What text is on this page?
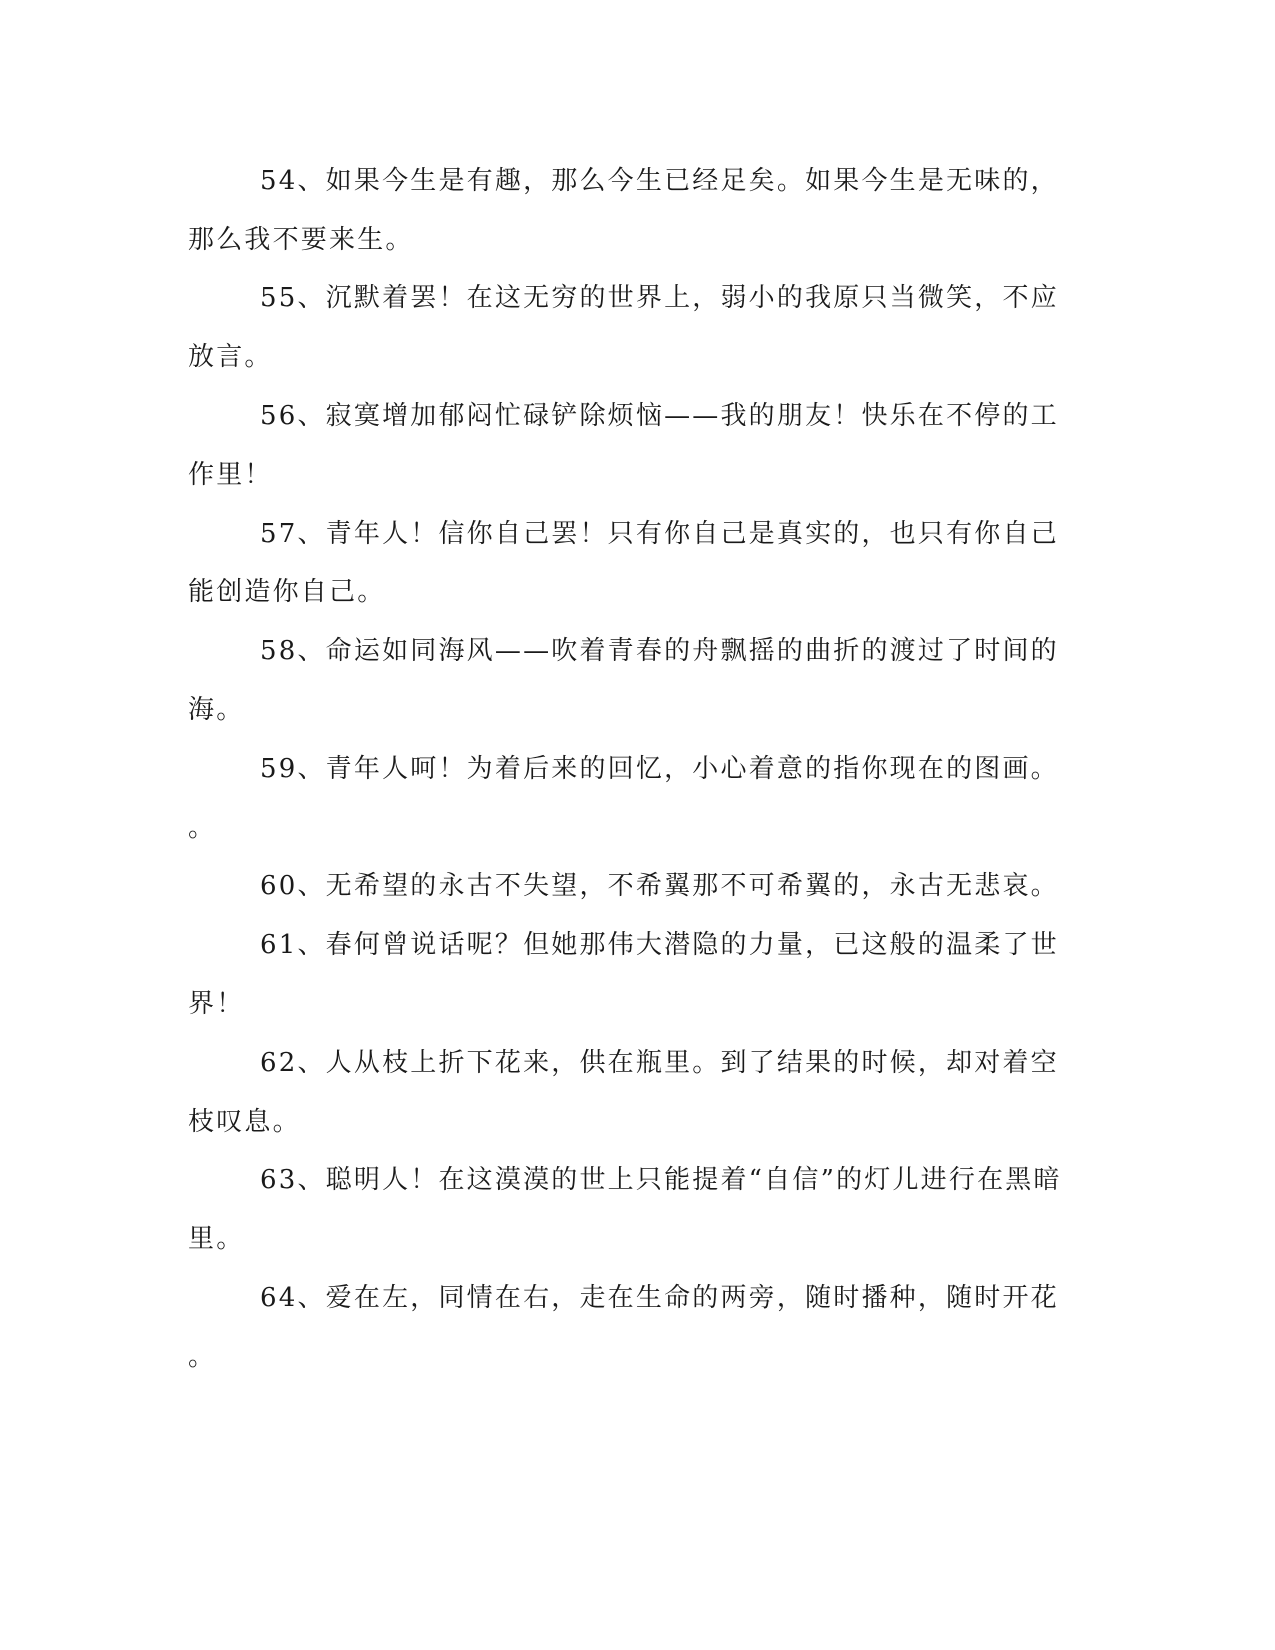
54、如果今生是有趣，那么今生已经足矣。如果今生是无味的，
那么我不要来生。
55、沉默着罢！在这无穷的世界上，弱小的我原只当微笑，不应
放言。
56、寂寞增加郁闷忙碌铲除烦恼——我的朋友！快乐在不停的工
作里！
57、青年人！信你自己罢！只有你自己是真实的，也只有你自己
能创造你自己。
58、命运如同海风——吹着青春的舟飘摇的曲折的渡过了时间的
海。
59、青年人呵！为着后来的回忆，小心着意的指你现在的图画。
。
60、无希望的永古不失望，不希翼那不可希翼的，永古无悲哀。
61、春何曾说话呢？但她那伟大潜隐的力量，已这般的温柔了世
界！
62、人从枝上折下花来，供在瓶里。到了结果的时候，却对着空
枝叹息。
63、聪明人！在这漠漠的世上只能提着“自信”的灯儿进行在黑暗
里。
64、爱在左，同情在右，走在生命的两旁，随时播种，随时开花
。
